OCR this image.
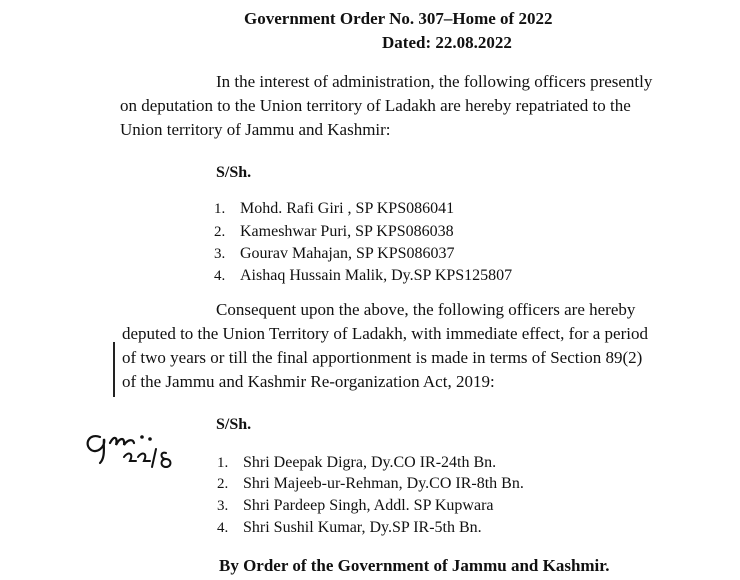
Government Order No. 307–Home of 2022
Dated: 22.08.2022
In the interest of administration, the following officers presently
on deputation to the Union territory of Ladakh are hereby repatriated to the
Union territory of Jammu and Kashmir:
S/Sh.
1. Mohd. Rafi Giri , SP KPS086041
2. Kameshwar Puri, SP KPS086038
3. Gourav Mahajan, SP KPS086037
4. Aishaq Hussain Malik, Dy.SP KPS125807
Consequent upon the above, the following officers are hereby
deputed to the Union Territory of Ladakh, with immediate effect, for a period
of two years or till the final apportionment is made in terms of Section 89(2)
of the Jammu and Kashmir Re-organization Act, 2019:
S/Sh.
1. Shri Deepak Digra, Dy.CO IR-24th Bn.
2. Shri Majeeb-ur-Rehman, Dy.CO IR-8th Bn.
3. Shri Pardeep Singh, Addl. SP Kupwara
4. Shri Sushil Kumar, Dy.SP IR-5th Bn.
By Order of the Government of Jammu and Kashmir.
